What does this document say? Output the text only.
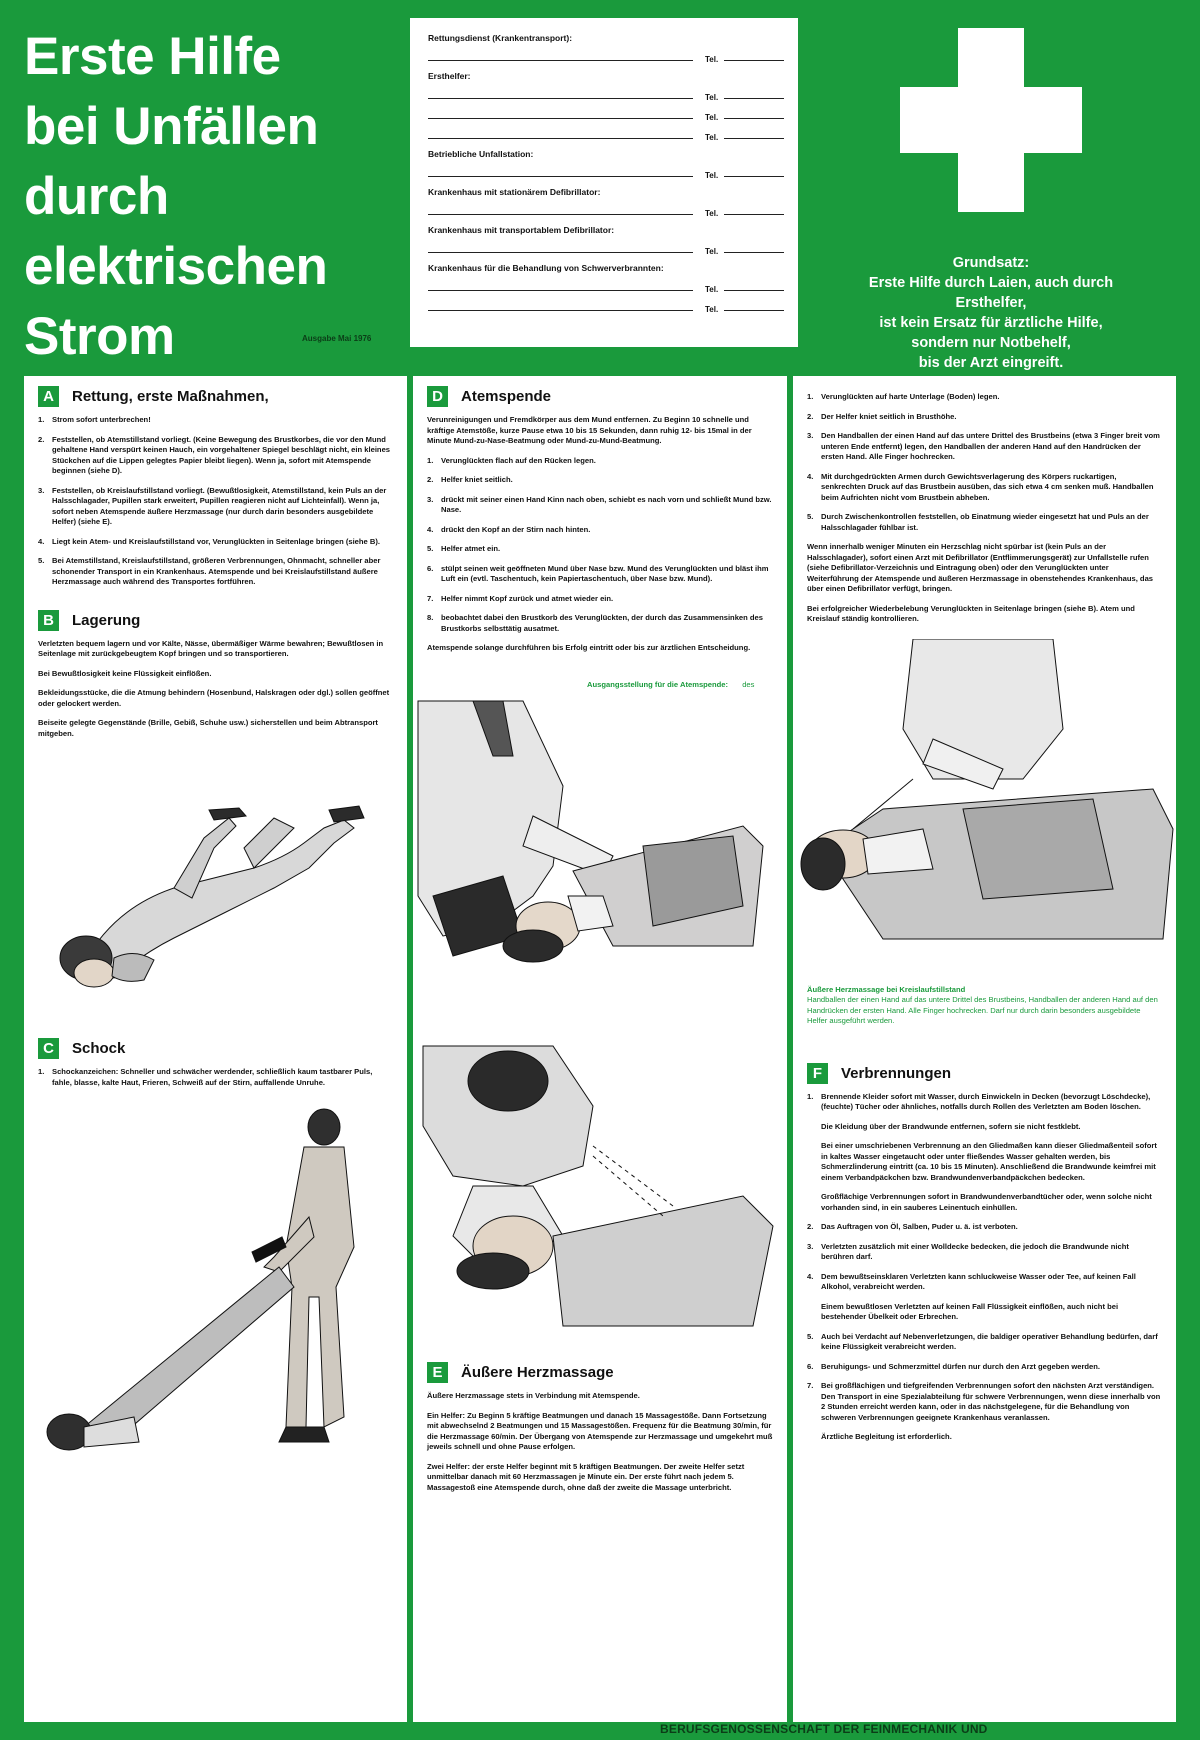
Erste Hilfe
bei Unfällen
durch
elektrischen
Strom	Ausgabe Mai 1976
Rettungsdienst (Krankentransport):
Tel.
Ersthelfer:
Tel.
Tel.
Tel.
Betriebliche Unfallstation:
Tel.
Krankenhaus mit stationärem Defibrillator:
Tel.
Krankenhaus mit transportablem Defibrillator:
Tel.
Krankenhaus für die Behandlung von Schwerverbrannten:
Tel.
Tel.
Grundsatz:
Erste Hilfe durch Laien, auch durch
Ersthelfer,
ist kein Ersatz für ärztliche Hilfe,
sondern nur Notbehelf,
bis der Arzt eingreift.
A	Rettung, erste Maßnahmen,
1.	Strom sofort unterbrechen!
2.	Feststellen, ob Atemstillstand vorliegt. (Keine Bewegung des Brustkorbes, die vor den Mund gehaltene Hand verspürt keinen Hauch, ein vorgehaltener Spiegel beschlägt nicht, ein kleines Stückchen auf die Lippen gelegtes Papier bleibt liegen). Wenn ja, sofort mit Atemspende beginnen (siehe D).
3.	Feststellen, ob Kreislaufstillstand vorliegt. (Bewußtlosigkeit, Atemstillstand, kein Puls an der Halsschlagader, Pupillen stark erweitert, Pupillen reagieren nicht auf Lichteinfall). Wenn ja, sofort neben Atemspende äußere Herzmassage (nur durch darin besonders ausgebildete Helfer) (siehe E).
4.	Liegt kein Atem- und Kreislaufstillstand vor, Verunglückten in Seitenlage bringen (siehe B).
5.	Bei Atemstillstand, Kreislaufstillstand, größeren Verbrennungen, Ohnmacht, schneller aber schonender Transport in ein Krankenhaus. Atemspende und bei Kreislaufstillstand äußere Herzmassage auch während des Transportes fortführen.
B	Lagerung

Verletzten bequem lagern und vor Kälte, Nässe, übermäßiger Wärme bewahren; Bewußtlosen in Seitenlage mit zurückgebeugtem Kopf bringen und so transportieren.

Bei Bewußtlosigkeit keine Flüssigkeit einflößen.

Bekleidungsstücke, die die Atmung behindern (Hosenbund, Halskragen oder dgl.) sollen geöffnet oder gelockert werden.

Beiseite gelegte Gegenstände (Brille, Gebiß, Schuhe usw.) sicherstellen und beim Abtransport mitgeben.

C	Schock
1.	Schockanzeichen: Schneller und schwächer werdender, schließlich kaum tastbarer Puls, fahle, blasse, kalte Haut, Frieren, Schweiß auf der Stirn, auffallende Unruhe.
D	Atemspende

Verunreinigungen und Fremdkörper aus dem Mund entfernen. Zu Beginn 10 schnelle und kräftige Atemstöße, kurze Pause etwa 10 bis 15 Sekunden, dann ruhig 12- bis 15mal in der Minute Mund-zu-Nase-Beatmung oder Mund-zu-Mund-Beatmung.

1.	Verunglückten flach auf den Rücken legen.
2.	Helfer kniet seitlich.
3.	drückt mit seiner einen Hand Kinn nach oben, schiebt es nach vorn und schließt Mund bzw. Nase.
4.	drückt den Kopf an der Stirn nach hinten.
5.	Helfer atmet ein.
6.	stülpt seinen weit geöffneten Mund über Nase bzw. Mund des Verunglückten und bläst ihm Luft ein (evtl. Taschentuch, kein Papiertaschentuch, über Nase bzw. Mund).
7.	Helfer nimmt Kopf zurück und atmet wieder ein.
8.	beobachtet dabei den Brustkorb des Verunglückten, der durch das Zusammensinken des Brustkorbs selbsttätig ausatmet.

Atemspende solange durchführen bis Erfolg eintritt oder bis zur ärztlichen Entscheidung.

Ausgangsstellung für die Atemspende: des
E	Äußere Herzmassage

Äußere Herzmassage stets in Verbindung mit Atemspende.

Ein Helfer: Zu Beginn 5 kräftige Beatmungen und danach 15 Massagestöße. Dann Fortsetzung mit abwechselnd 2 Beatmungen und 15 Massagestößen. Frequenz für die Beatmung 30/min, für die Herzmassage 60/min. Der Übergang von Atemspende zur Herzmassage und umgekehrt muß jeweils schnell und ohne Pause erfolgen.

Zwei Helfer: der erste Helfer beginnt mit 5 kräftigen Beatmungen. Der zweite Helfer setzt unmittelbar danach mit 60 Herzmassagen je Minute ein. Der erste führt nach jedem 5. Massagestoß eine Atemspende durch, ohne daß der zweite die Massage unterbricht.

1.	Verunglückten auf harte Unterlage (Boden) legen.
2.	Der Helfer kniet seitlich in Brusthöhe.
3.	Den Handballen der einen Hand auf das untere Drittel des Brustbeins (etwa 3 Finger breit vom unteren Ende entfernt) legen, den Handballen der anderen Hand auf den Handrücken der ersten Hand. Alle Finger hochrecken.
4.	Mit durchgedrückten Armen durch Gewichtsverlagerung des Körpers ruckartigen, senkrechten Druck auf das Brustbein ausüben, das sich etwa 4 cm senken muß. Handballen beim Aufrichten nicht vom Brustbein abheben.
5.	Durch Zwischenkontrollen feststellen, ob Einatmung wieder eingesetzt hat und Puls an der Halsschlagader fühlbar ist.

Wenn innerhalb weniger Minuten ein Herzschlag nicht spürbar ist (kein Puls an der Halsschlagader), sofort einen Arzt mit Defibrillator (Entflimmerungsgerät) zur Unfallstelle rufen (siehe Defibrillator-Verzeichnis und Eintragung oben) oder den Verunglückten unter Weiterführung der Atemspende und äußeren Herzmassage in obenstehendes Krankenhaus, das über einen Defibrillator verfügt, bringen.

Bei erfolgreicher Wiederbelebung Verunglückten in Seitenlage bringen (siehe B). Atem und Kreislauf ständig kontrollieren.

Äußere Herzmassage bei Kreislaufstillstand
Handballen der einen Hand auf das untere Drittel des Brustbeins, Handballen der anderen Hand auf den Handrücken der ersten Hand. Alle Finger hochrecken. Darf nur durch darin besonders ausgebildete Helfer ausgeführt werden.
F	Verbrennungen
1.	Brennende Kleider sofort mit Wasser, durch Einwickeln in Decken (bevorzugt Löschdecke), (feuchte) Tücher oder ähnliches, notfalls durch Rollen des Verletzten am Boden löschen.
Die Kleidung über der Brandwunde entfernen, sofern sie nicht festklebt.
Bei einer umschriebenen Verbrennung an den Gliedmaßen kann dieser Gliedmaßenteil sofort in kaltes Wasser eingetaucht oder unter fließendes Wasser gehalten werden, bis Schmerzlinderung eintritt (ca. 10 bis 15 Minuten). Anschließend die Brandwunde keimfrei mit einem Verbandpäckchen bzw. Brandwundenverbandpäckchen bedecken.
Großflächige Verbrennungen sofort in Brandwundenverbandtücher oder, wenn solche nicht vorhanden sind, in ein sauberes Leinentuch einhüllen.
2.	Das Auftragen von Öl, Salben, Puder u. ä. ist verboten.
3.	Verletzten zusätzlich mit einer Wolldecke bedecken, die jedoch die Brandwunde nicht berühren darf.
4.	Dem bewußtseinsklaren Verletzten kann schluckweise Wasser oder Tee, auf keinen Fall Alkohol, verabreicht werden.
Einem bewußtlosen Verletzten auf keinen Fall Flüssigkeit einflößen, auch nicht bei bestehender Übelkeit oder Erbrechen.
5.	Auch bei Verdacht auf Nebenverletzungen, die baldiger operativer Behandlung bedürfen, darf keine Flüssigkeit verabreicht werden.
6.	Beruhigungs- und Schmerzmittel dürfen nur durch den Arzt gegeben werden.
7.	Bei großflächigen und tiefgreifenden Verbrennungen sofort den nächsten Arzt verständigen. Den Transport in eine Spezialabteilung für schwere Verbrennungen, wenn diese innerhalb von 2 Stunden erreicht werden kann, oder in das nächstgelegene, für die Behandlung von schweren Verbrennungen geeignete Krankenhaus veranlassen.
Ärztliche Begleitung ist erforderlich.
BERUFSGENOSSENSCHAFT DER FEINMECHANIK UND
